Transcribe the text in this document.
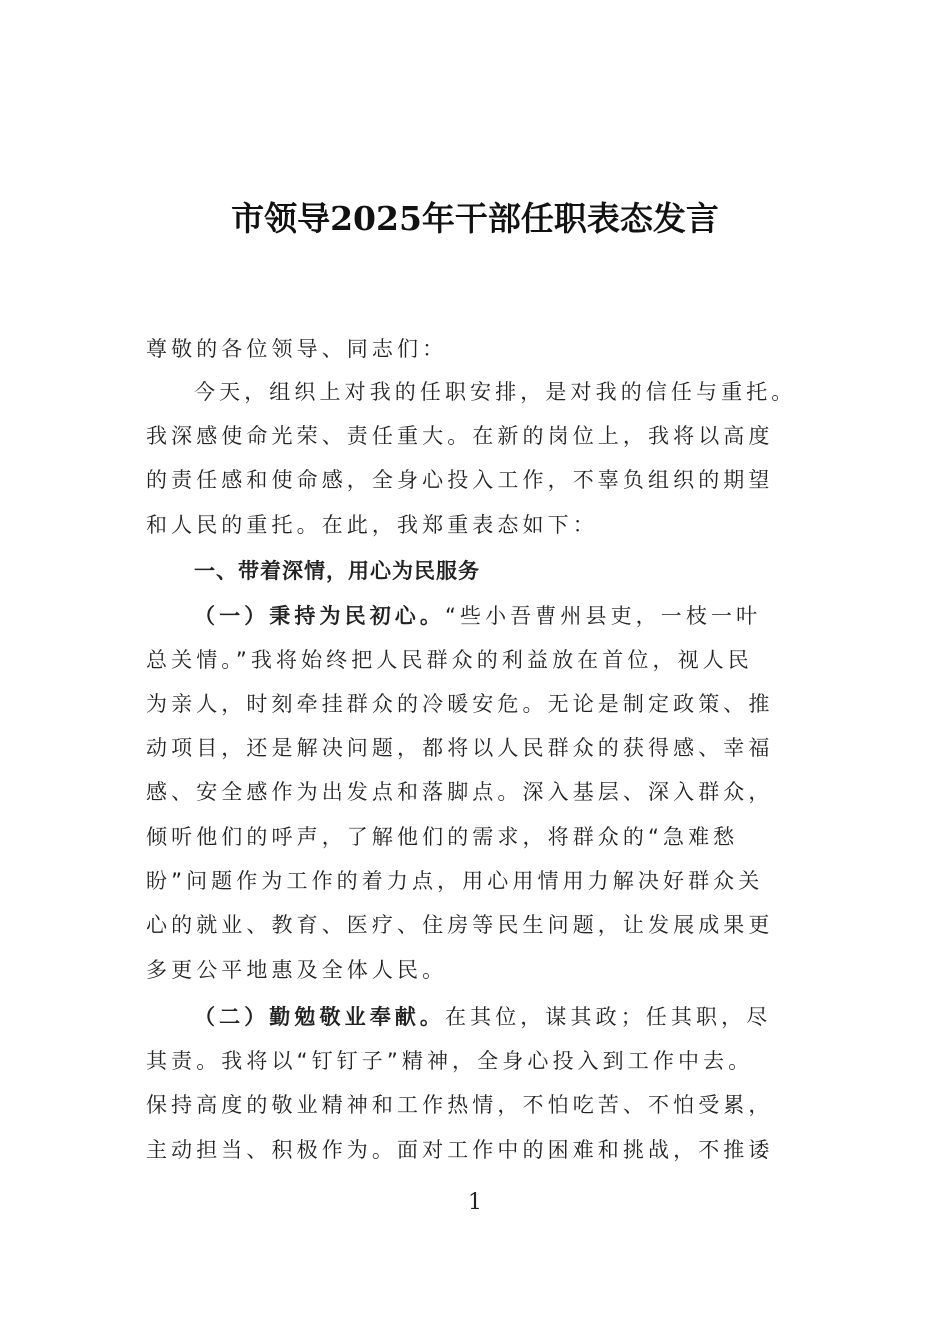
市领导2025年干部任职表态发言
尊敬的各位领导、同志们：
今天，组织上对我的任职安排，是对我的信任与重托。
我深感使命光荣、责任重大。在新的岗位上，我将以高度
的责任感和使命感，全身心投入工作，不辜负组织的期望
和人民的重托。在此，我郑重表态如下：
一、带着深情，用心为民服务
（一）秉持为民初心。“些小吾曹州县吏，一枝一叶
总关情。”我将始终把人民群众的利益放在首位，视人民
为亲人，时刻牵挂群众的冷暖安危。无论是制定政策、推
动项目，还是解决问题，都将以人民群众的获得感、幸福
感、安全感作为出发点和落脚点。深入基层、深入群众，
倾听他们的呼声，了解他们的需求，将群众的“急难愁
盼”问题作为工作的着力点，用心用情用力解决好群众关
心的就业、教育、医疗、住房等民生问题，让发展成果更
多更公平地惠及全体人民。
（二）勤勉敬业奉献。在其位，谋其政；任其职，尽
其责。我将以“钉钉子”精神，全身心投入到工作中去。
保持高度的敬业精神和工作热情，不怕吃苦、不怕受累，
主动担当、积极作为。面对工作中的困难和挑战，不推诿
1
